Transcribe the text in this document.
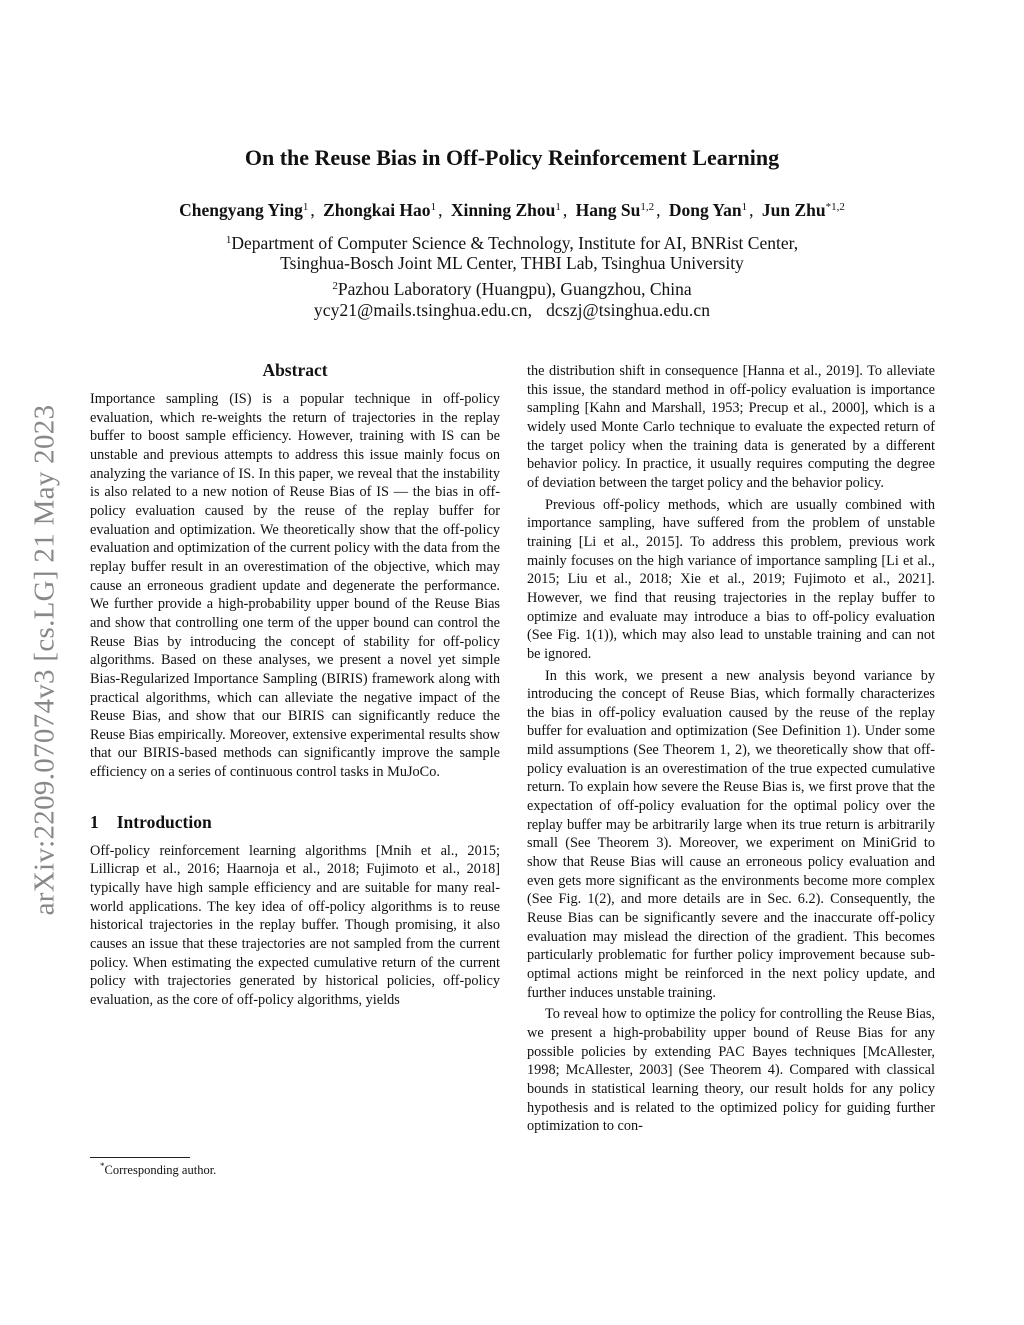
arXiv:2209.07074v3 [cs.LG] 21 May 2023
On the Reuse Bias in Off-Policy Reinforcement Learning
Chengyang Ying$^1$ , Zhongkai Hao$^1$ , Xinning Zhou$^1$ , Hang Su$^{1,2}$ , Dong Yan$^1$ , Jun Zhu$^{*1,2}$
$^1$Department of Computer Science & Technology, Institute for AI, BNRist Center,
Tsinghua-Bosch Joint ML Center, THBI Lab, Tsinghua University
$^2$Pazhou Laboratory (Huangpu), Guangzhou, China
ycy21@mails.tsinghua.edu.cn, dcszj@tsinghua.edu.cn
Abstract

Importance sampling (IS) is a popular technique in off-policy evaluation, which re-weights the return of trajectories in the replay buffer to boost sample efficiency. However, training with IS can be unstable and previous attempts to address this issue mainly focus on analyzing the variance of IS. In this paper, we reveal that the instability is also related to a new notion of Reuse Bias of IS — the bias in off-policy evaluation caused by the reuse of the replay buffer for evaluation and optimization. We theoretically show that the off-policy evaluation and optimization of the current policy with the data from the replay buffer result in an overestimation of the objective, which may cause an erroneous gradient update and degenerate the performance. We further provide a high-probability upper bound of the Reuse Bias and show that controlling one term of the upper bound can control the Reuse Bias by introducing the concept of stability for off-policy algorithms. Based on these analyses, we present a novel yet simple Bias-Regularized Importance Sampling (BIRIS) framework along with practical algorithms, which can alleviate the negative impact of the Reuse Bias, and show that our BIRIS can significantly reduce the Reuse Bias empirically. Moreover, extensive experimental results show that our BIRIS-based methods can significantly improve the sample efficiency on a series of continuous control tasks in MuJoCo.

1 Introduction

Off-policy reinforcement learning algorithms [Mnih et al., 2015; Lillicrap et al., 2016; Haarnoja et al., 2018; Fujimoto et al., 2018] typically have high sample efficiency and are suitable for many real-world applications. The key idea of off-policy algorithms is to reuse historical trajectories in the replay buffer. Though promising, it also causes an issue that these trajectories are not sampled from the current policy. When estimating the expected cumulative return of the current policy with trajectories generated by historical policies, off-policy evaluation, as the core of off-policy algorithms, yields

*Corresponding author.

the distribution shift in consequence [Hanna et al., 2019]. To alleviate this issue, the standard method in off-policy evaluation is importance sampling [Kahn and Marshall, 1953; Precup et al., 2000], which is a widely used Monte Carlo technique to evaluate the expected return of the target policy when the training data is generated by a different behavior policy. In practice, it usually requires computing the degree of deviation between the target policy and the behavior policy.

Previous off-policy methods, which are usually combined with importance sampling, have suffered from the problem of unstable training [Li et al., 2015]. To address this problem, previous work mainly focuses on the high variance of importance sampling [Li et al., 2015; Liu et al., 2018; Xie et al., 2019; Fujimoto et al., 2021]. However, we find that reusing trajectories in the replay buffer to optimize and evaluate may introduce a bias to off-policy evaluation (See Fig. 1(1)), which may also lead to unstable training and can not be ignored.

In this work, we present a new analysis beyond variance by introducing the concept of Reuse Bias, which formally characterizes the bias in off-policy evaluation caused by the reuse of the replay buffer for evaluation and optimization (See Definition 1). Under some mild assumptions (See Theorem 1, 2), we theoretically show that off-policy evaluation is an overestimation of the true expected cumulative return. To explain how severe the Reuse Bias is, we first prove that the expectation of off-policy evaluation for the optimal policy over the replay buffer may be arbitrarily large when its true return is arbitrarily small (See Theorem 3). Moreover, we experiment on MiniGrid to show that Reuse Bias will cause an erroneous policy evaluation and even gets more significant as the environments become more complex (See Fig. 1(2), and more details are in Sec. 6.2). Consequently, the Reuse Bias can be significantly severe and the inaccurate off-policy evaluation may mislead the direction of the gradient. This becomes particularly problematic for further policy improvement because sub-optimal actions might be reinforced in the next policy update, and further induces unstable training.

To reveal how to optimize the policy for controlling the Reuse Bias, we present a high-probability upper bound of Reuse Bias for any possible policies by extending PAC Bayes techniques [McAllester, 1998; McAllester, 2003] (See Theorem 4). Compared with classical bounds in statistical learning theory, our result holds for any policy hypothesis and is related to the optimized policy for guiding further optimization to con-
